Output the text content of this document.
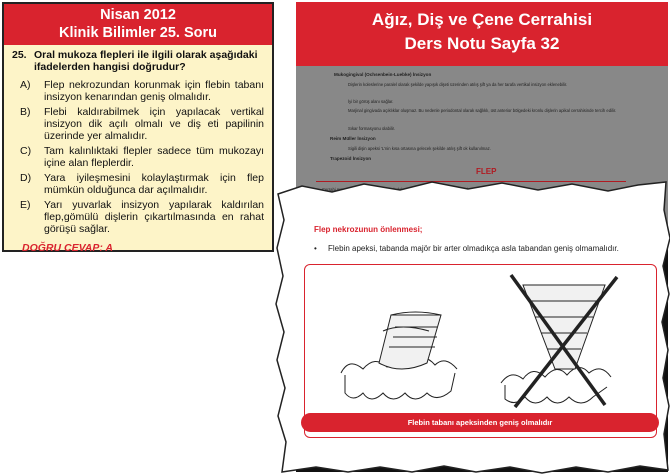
Nisan 2012
Klinik Bilimler 25. Soru
25. Oral mukoza flepleri ile ilgili olarak aşağıdaki ifadelerden hangisi doğrudur?
A)	Flep nekrozundan korunmak için flebin tabanı insizyon kenarından geniş olmalıdır.
B)	Flebi kaldırabilmek için yapılacak vertikal insizyon dik açılı olmalı ve diş eti papilinin üzerinde yer almalıdır.
C)	Tam kalınlıktaki flepler sadece tüm mukozayı içine alan fleplerdir.
D)	Yara iyileşmesini kolaylaştırmak için flep mümkün olduğunca dar açılmalıdır.
E)	Yarı yuvarlak insizyon yapılarak kaldırılan flep,gömülü dişlerin çıkartılmasında en rahat görüşü sağlar.
DOĞRU CEVAP: A
Ağız, Diş ve Çene Cerrahisi
Ders Notu Sayfa 32
Mukogingival (Ochsenbein-Luebke) İnsizyon
Dişlerin koleslerine paralel olarak şekilde yapışık dişeti üzerinden atılış şift ya da her tarafa vertikal insizyon eklenebilir.
İyi bir görüş alanı sağlar.
Marjinal gingivada açıklıklar oluşmaz. Bu nedenle periodontal olarak sağlıklı, üst anterior bölgedeki kronlu dişlerin apikal cerrahisinde tercih edilir.
Sıkar formasyonu olabilir.
Reim Müller İnsizyon
Sigili dişin apeksi 'L'nin kısa ortasına gelecek şekilde atılış şift ok kullanılmaz.
Trapezoid İnsizyon
FLEP
Flep nekrozunun önlenmesi;
• Flebin apeksi, tabanda majör bir arter olmadıkça asla tabandan geniş olmamalıdır.
Flebin tabanı apeksinden geniş olmalıdır
